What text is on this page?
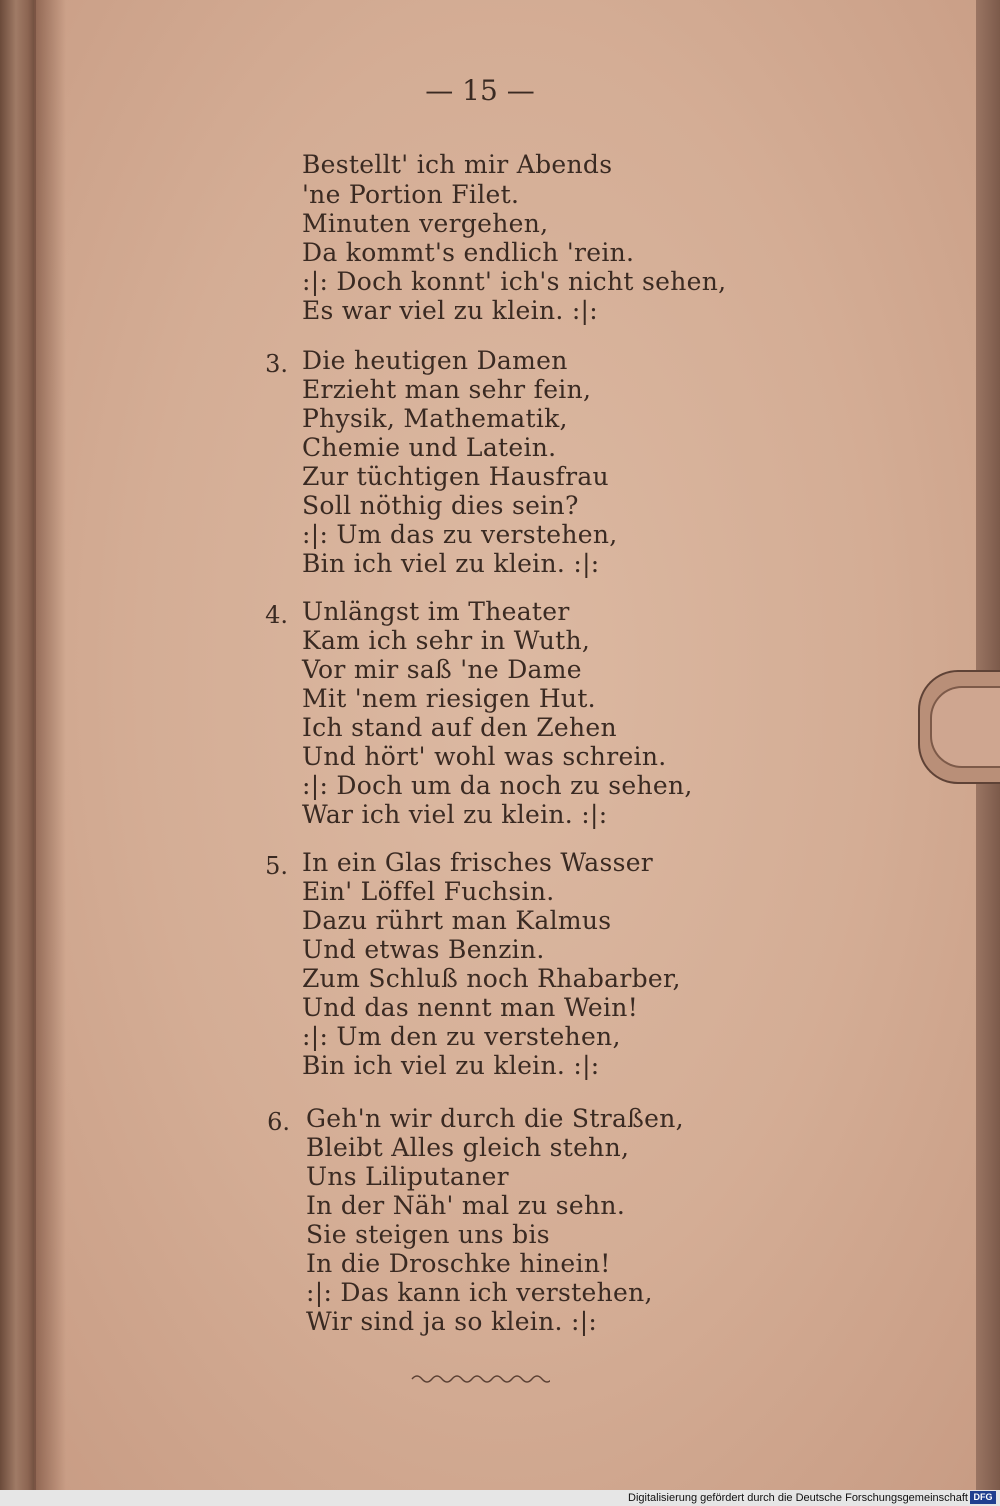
— 15 —
Bestellt' ich mir Abends
'ne Portion Filet.
Minuten vergehen,
Da kommt's endlich 'rein.
:|: Doch konnt' ich's nicht sehen,
Es war viel zu klein. :|:
3. Die heutigen Damen
Erzieht man sehr fein,
Physik, Mathematik,
Chemie und Latein.
Zur tüchtigen Hausfrau
Soll nöthig dies sein?
:|: Um das zu verstehen,
Bin ich viel zu klein. :|:
4. Unlängst im Theater
Kam ich sehr in Wuth,
Vor mir saß 'ne Dame
Mit 'nem riesigen Hut.
Ich stand auf den Zehen
Und hört' wohl was schrein.
:|: Doch um da noch zu sehen,
War ich viel zu klein. :|:
5. In ein Glas frisches Wasser
Ein' Löffel Fuchsin.
Dazu rührt man Kalmus
Und etwas Benzin.
Zum Schluß noch Rhabarber,
Und das nennt man Wein!
:|: Um den zu verstehen,
Bin ich viel zu klein. :|:
6. Geh'n wir durch die Straßen,
Bleibt Alles gleich stehn,
Uns Liliputaner
In der Näh' mal zu sehn.
Sie steigen uns bis
In die Droschke hinein!
:|: Das kann ich verstehen,
Wir sind ja so klein. :|:
Digitalisierung gefördert durch die Deutsche Forschungsgemeinschaft DFG
